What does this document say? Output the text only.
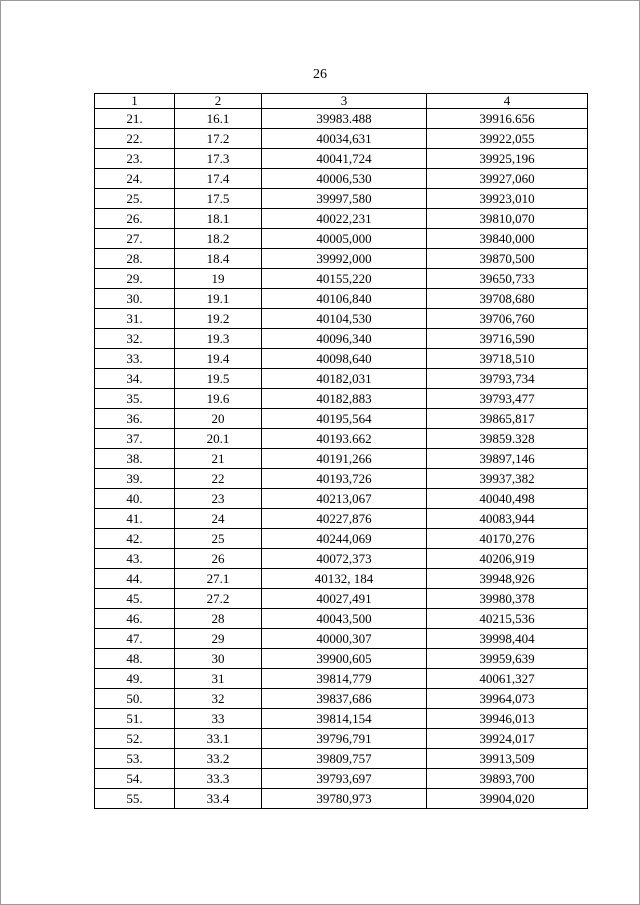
26
1	2	3	4
21.	16.1	39983.488	39916.656
22.	17.2	40034,631	39922,055
23.	17.3	40041,724	39925,196
24.	17.4	40006,530	39927,060
25.	17.5	39997,580	39923,010
26.	18.1	40022,231	39810,070
27.	18.2	40005,000	39840,000
28.	18.4	39992,000	39870,500
29.	19	40155,220	39650,733
30.	19.1	40106,840	39708,680
31.	19.2	40104,530	39706,760
32.	19.3	40096,340	39716,590
33.	19.4	40098,640	39718,510
34.	19.5	40182,031	39793,734
35.	19.6	40182,883	39793,477
36.	20	40195,564	39865,817
37.	20.1	40193.662	39859.328
38.	21	40191,266	39897,146
39.	22	40193,726	39937,382
40.	23	40213,067	40040,498
41.	24	40227,876	40083,944
42.	25	40244,069	40170,276
43.	26	40072,373	40206,919
44.	27.1	40132, 184	39948,926
45.	27.2	40027,491	39980,378
46.	28	40043,500	40215,536
47.	29	40000,307	39998,404
48.	30	39900,605	39959,639
49.	31	39814,779	40061,327
50.	32	39837,686	39964,073
51.	33	39814,154	39946,013
52.	33.1	39796,791	39924,017
53.	33.2	39809,757	39913,509
54.	33.3	39793,697	39893,700
55.	33.4	39780,973	39904,020
